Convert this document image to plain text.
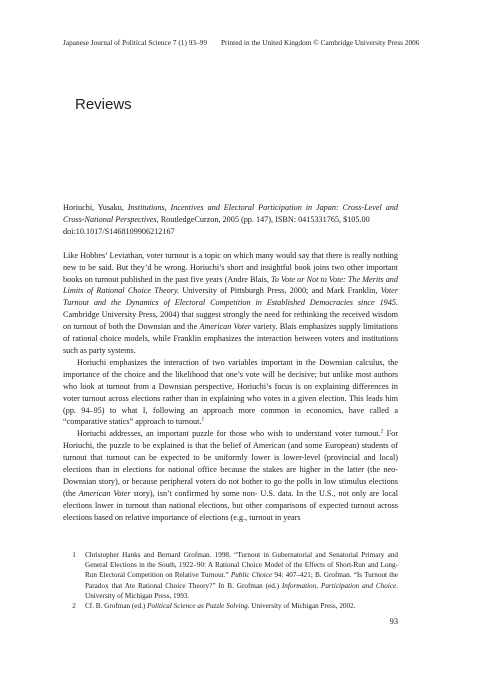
Japanese Journal of Political Science 7 (1) 93–99 Printed in the United Kingdom © Cambridge University Press 2006
Reviews

Horiuchi, Yusaku, Institutions, Incentives and Electoral Participation in Japan: Cross-Level and Cross-National Perspectives, RoutledgeCurzon, 2005 (pp. 147), ISBN: 0415331765, $105.00
doi:10.1017/S1468109906212167

Like Hobbes’ Leviathan, voter turnout is a topic on which many would say that there is really nothing new to be said. But they’d be wrong. Horiuchi’s short and insightful book joins two other important books on turnout published in the past five years (Andre Blais, To Vote or Not to Vote: The Merits and Limits of Rational Choice Theory. University of Pittsburgh Press, 2000; and Mark Franklin, Voter Turnout and the Dynamics of Electoral Competition in Established Democracies since 1945. Cambridge University Press, 2004) that suggest strongly the need for rethinking the received wisdom on turnout of both the Downsian and the American Voter variety. Blais emphasizes supply limitations of rational choice models, while Franklin emphasizes the interaction between voters and institutions such as party systems.

Horiuchi emphasizes the interaction of two variables important in the Downsian calculus, the importance of the choice and the likelihood that one’s vote will be decisive; but unlike most authors who look at turnout from a Downsian perspective, Horiuchi’s focus is on explaining differences in voter turnout across elections rather than in explaining who votes in a given election. This leads him (pp. 94–95) to what I, following an approach more common in economics, have called a “comparative statics” approach to turnout.$^1$

Horiuchi addresses, an important puzzle for those who wish to understand voter turnout.$^2$ For Horiuchi, the puzzle to be explained is that the belief of American (and some European) students of turnout that turnout can be expected to be uniformly lower is lower-level (provincial and local) elections than in elections for national office because the stakes are higher in the latter (the neo-Downsian story), or because peripheral voters do not bother to go the polls in low stimulus elections (the American Voter story), isn’t confirmed by some non- U.S. data. In the U.S., not only are local elections lower in turnout than national elections, but other comparisons of expected turnout across elections based on relative importance of elections (e.g., turnout in years

1	Christopher Hanks and Bernard Grofman. 1998. “Turnout in Gubernatorial and Senatorial Primary and General Elections in the South, 1922–90: A Rational Choice Model of the Effects of Short-Run and Long-Run Electoral Competition on Relative Turnout.” Public Choice 94: 407–421; B. Grofman. “Is Turnout the Paradox that Ate Rational Choice Theory?” In B. Grofman (ed.) Information, Participation and Choice. University of Michigan Press, 1993.
2	Cf. B. Grofman (ed.) Political Science as Puzzle Solving. University of Michigan Press, 2002.
93
